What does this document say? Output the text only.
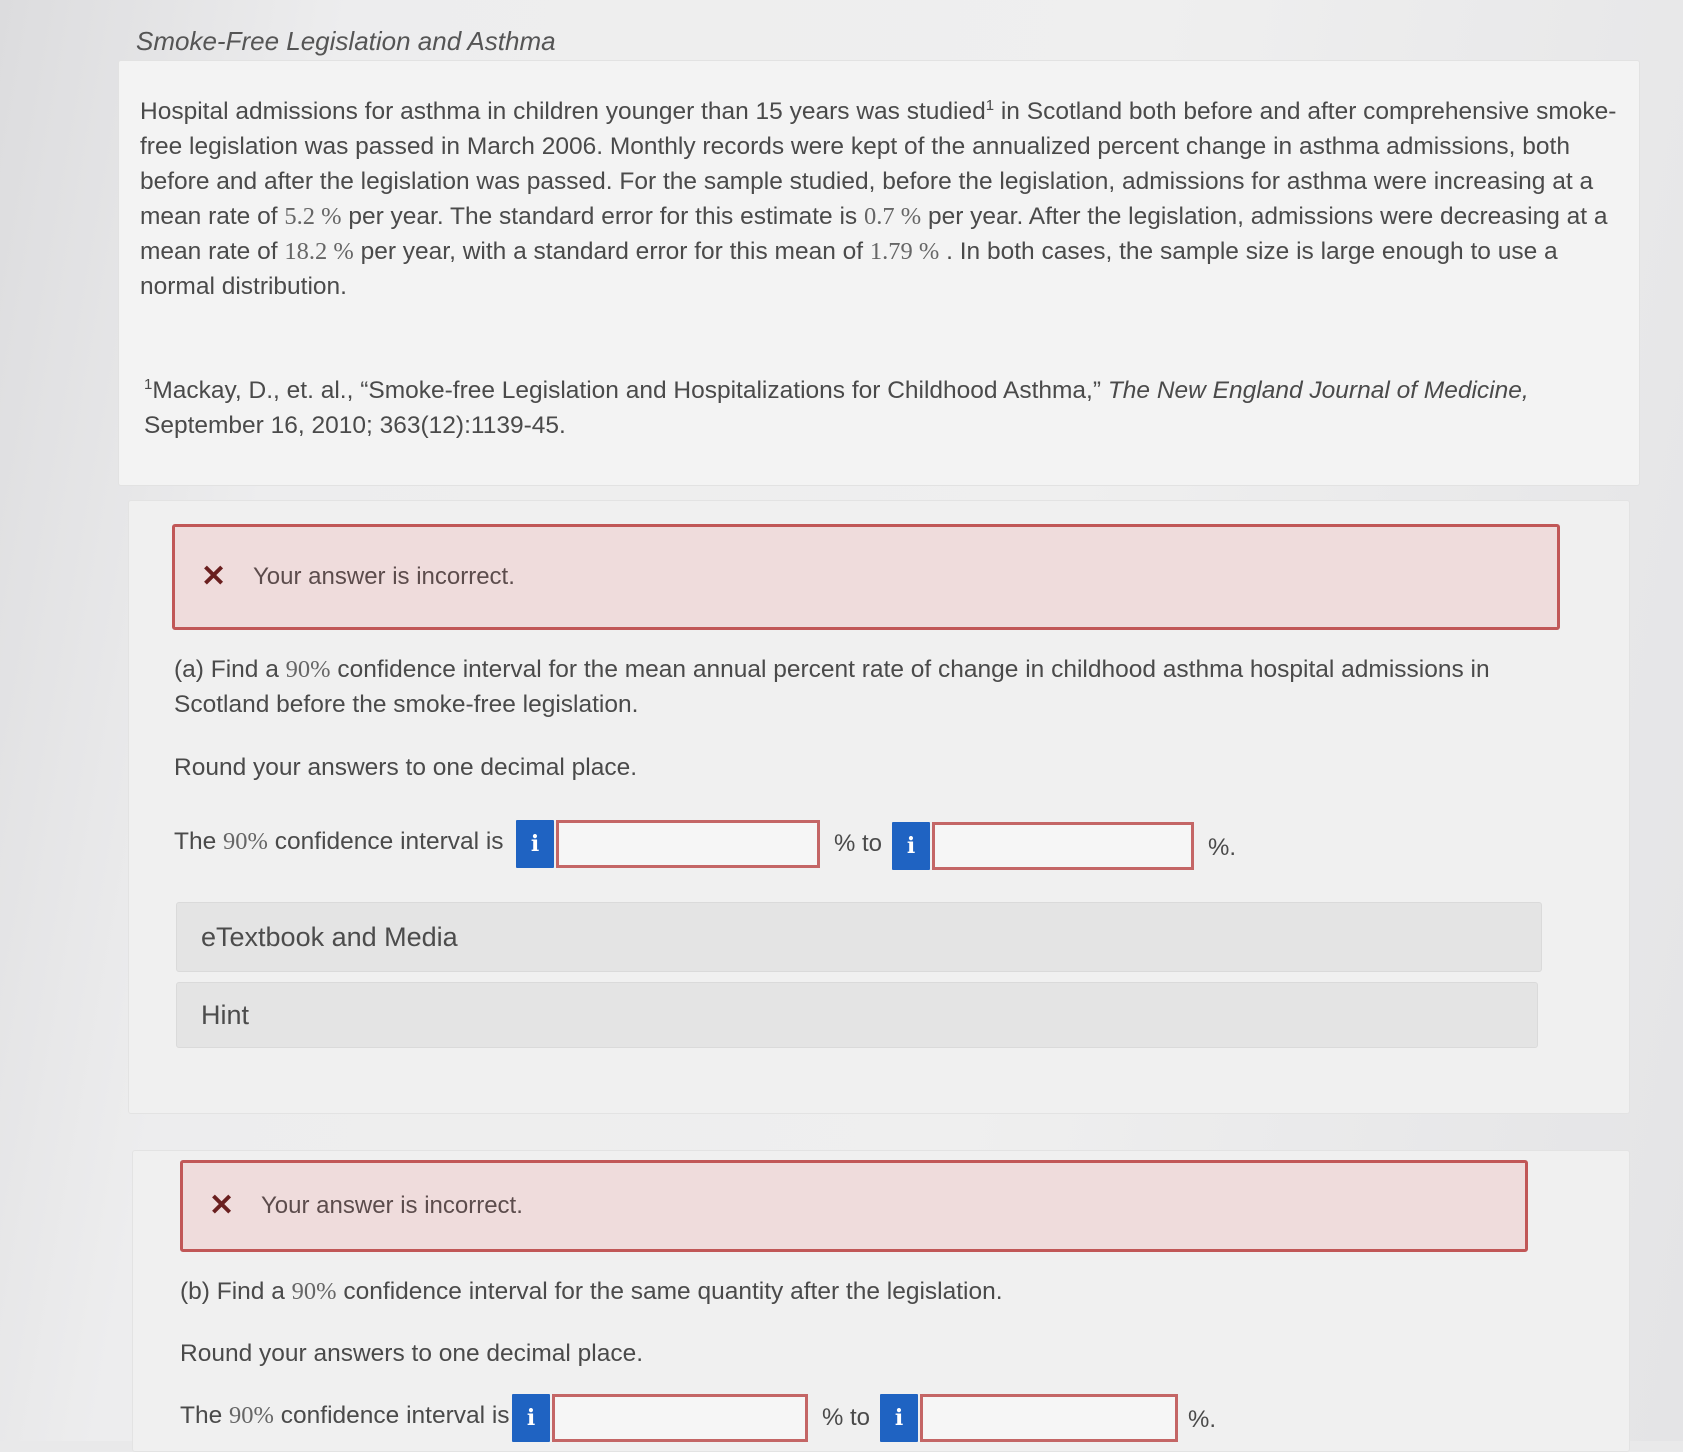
Smoke-Free Legislation and Asthma
Hospital admissions for asthma in children younger than 15 years was studied$^1$ in Scotland both before and after comprehensive smoke-free legislation was passed in March 2006. Monthly records were kept of the annualized percent change in asthma admissions, both before and after the legislation was passed. For the sample studied, before the legislation, admissions for asthma were increasing at a mean rate of 5.2 % per year. The standard error for this estimate is 0.7 % per year. After the legislation, admissions were decreasing at a mean rate of 18.2 % per year, with a standard error for this mean of 1.79 % . In both cases, the sample size is large enough to use a normal distribution.
$^1$Mackay, D., et. al., “Smoke-free Legislation and Hospitalizations for Childhood Asthma,” The New England Journal of Medicine, September 16, 2010; 363(12):1139-45.
✕ Your answer is incorrect.
(a) Find a 90% confidence interval for the mean annual percent rate of change in childhood asthma hospital admissions in Scotland before the smoke-free legislation.
Round your answers to one decimal place.
The 90% confidence interval is	i	% to	i	%.
eTextbook and Media
Hint
✕ Your answer is incorrect.
(b) Find a 90% confidence interval for the same quantity after the legislation.
Round your answers to one decimal place.
The 90% confidence interval is i	% to	i	%.
